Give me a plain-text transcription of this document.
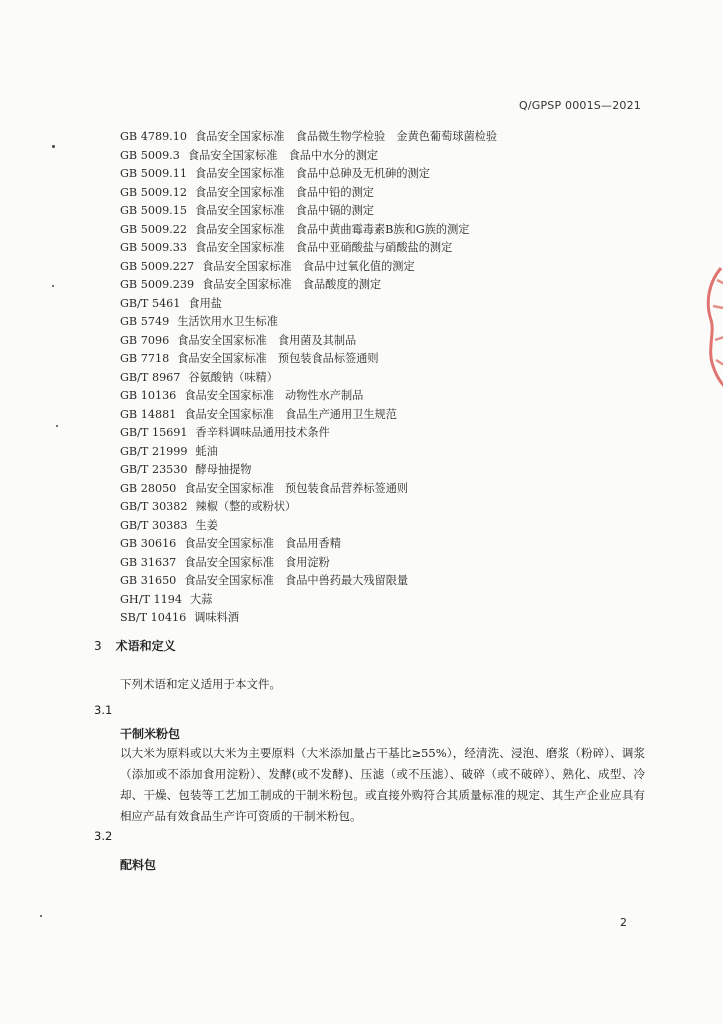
Q/GPSP 0001S—2021
GB 4789.10 食品安全国家标准　食品微生物学检验　金黄色葡萄球菌检验
GB 5009.3 食品安全国家标准　食品中水分的测定
GB 5009.11 食品安全国家标准　食品中总砷及无机砷的测定
GB 5009.12 食品安全国家标准　食品中铅的测定
GB 5009.15 食品安全国家标准　食品中镉的测定
GB 5009.22 食品安全国家标准　食品中黄曲霉毒素B族和G族的测定
GB 5009.33 食品安全国家标准　食品中亚硝酸盐与硝酸盐的测定
GB 5009.227 食品安全国家标准　食品中过氧化值的测定
GB 5009.239 食品安全国家标准　食品酸度的测定
GB/T 5461 食用盐
GB 5749 生活饮用水卫生标准
GB 7096 食品安全国家标准　食用菌及其制品
GB 7718 食品安全国家标准　预包装食品标签通则
GB/T 8967 谷氨酸钠（味精）
GB 10136 食品安全国家标准　动物性水产制品
GB 14881 食品安全国家标准　食品生产通用卫生规范
GB/T 15691 香辛料调味品通用技术条件
GB/T 21999 蚝油
GB/T 23530 酵母抽提物
GB 28050 食品安全国家标准　预包装食品营养标签通则
GB/T 30382 辣椒（整的或粉状）
GB/T 30383 生姜
GB 30616 食品安全国家标准　食品用香精
GB 31637 食品安全国家标准　食用淀粉
GB 31650 食品安全国家标准　食品中兽药最大残留限量
GH/T 1194 大蒜
SB/T 10416 调味料酒
3 术语和定义
下列术语和定义适用于本文件。
3.1
干制米粉包

以大米为原料或以大米为主要原料（大米添加量占干基比≥55%），经清洗、浸泡、磨浆（粉碎）、调浆（添加或不添加食用淀粉）、发酵(或不发酵)、压滤（或不压滤）、破碎（或不破碎）、熟化、成型、冷却、干燥、包装等工艺加工制成的干制米粉包。或直接外购符合其质量标准的规定、其生产企业应具有相应产品有效食品生产许可资质的干制米粉包。

3.2
配料包
2
